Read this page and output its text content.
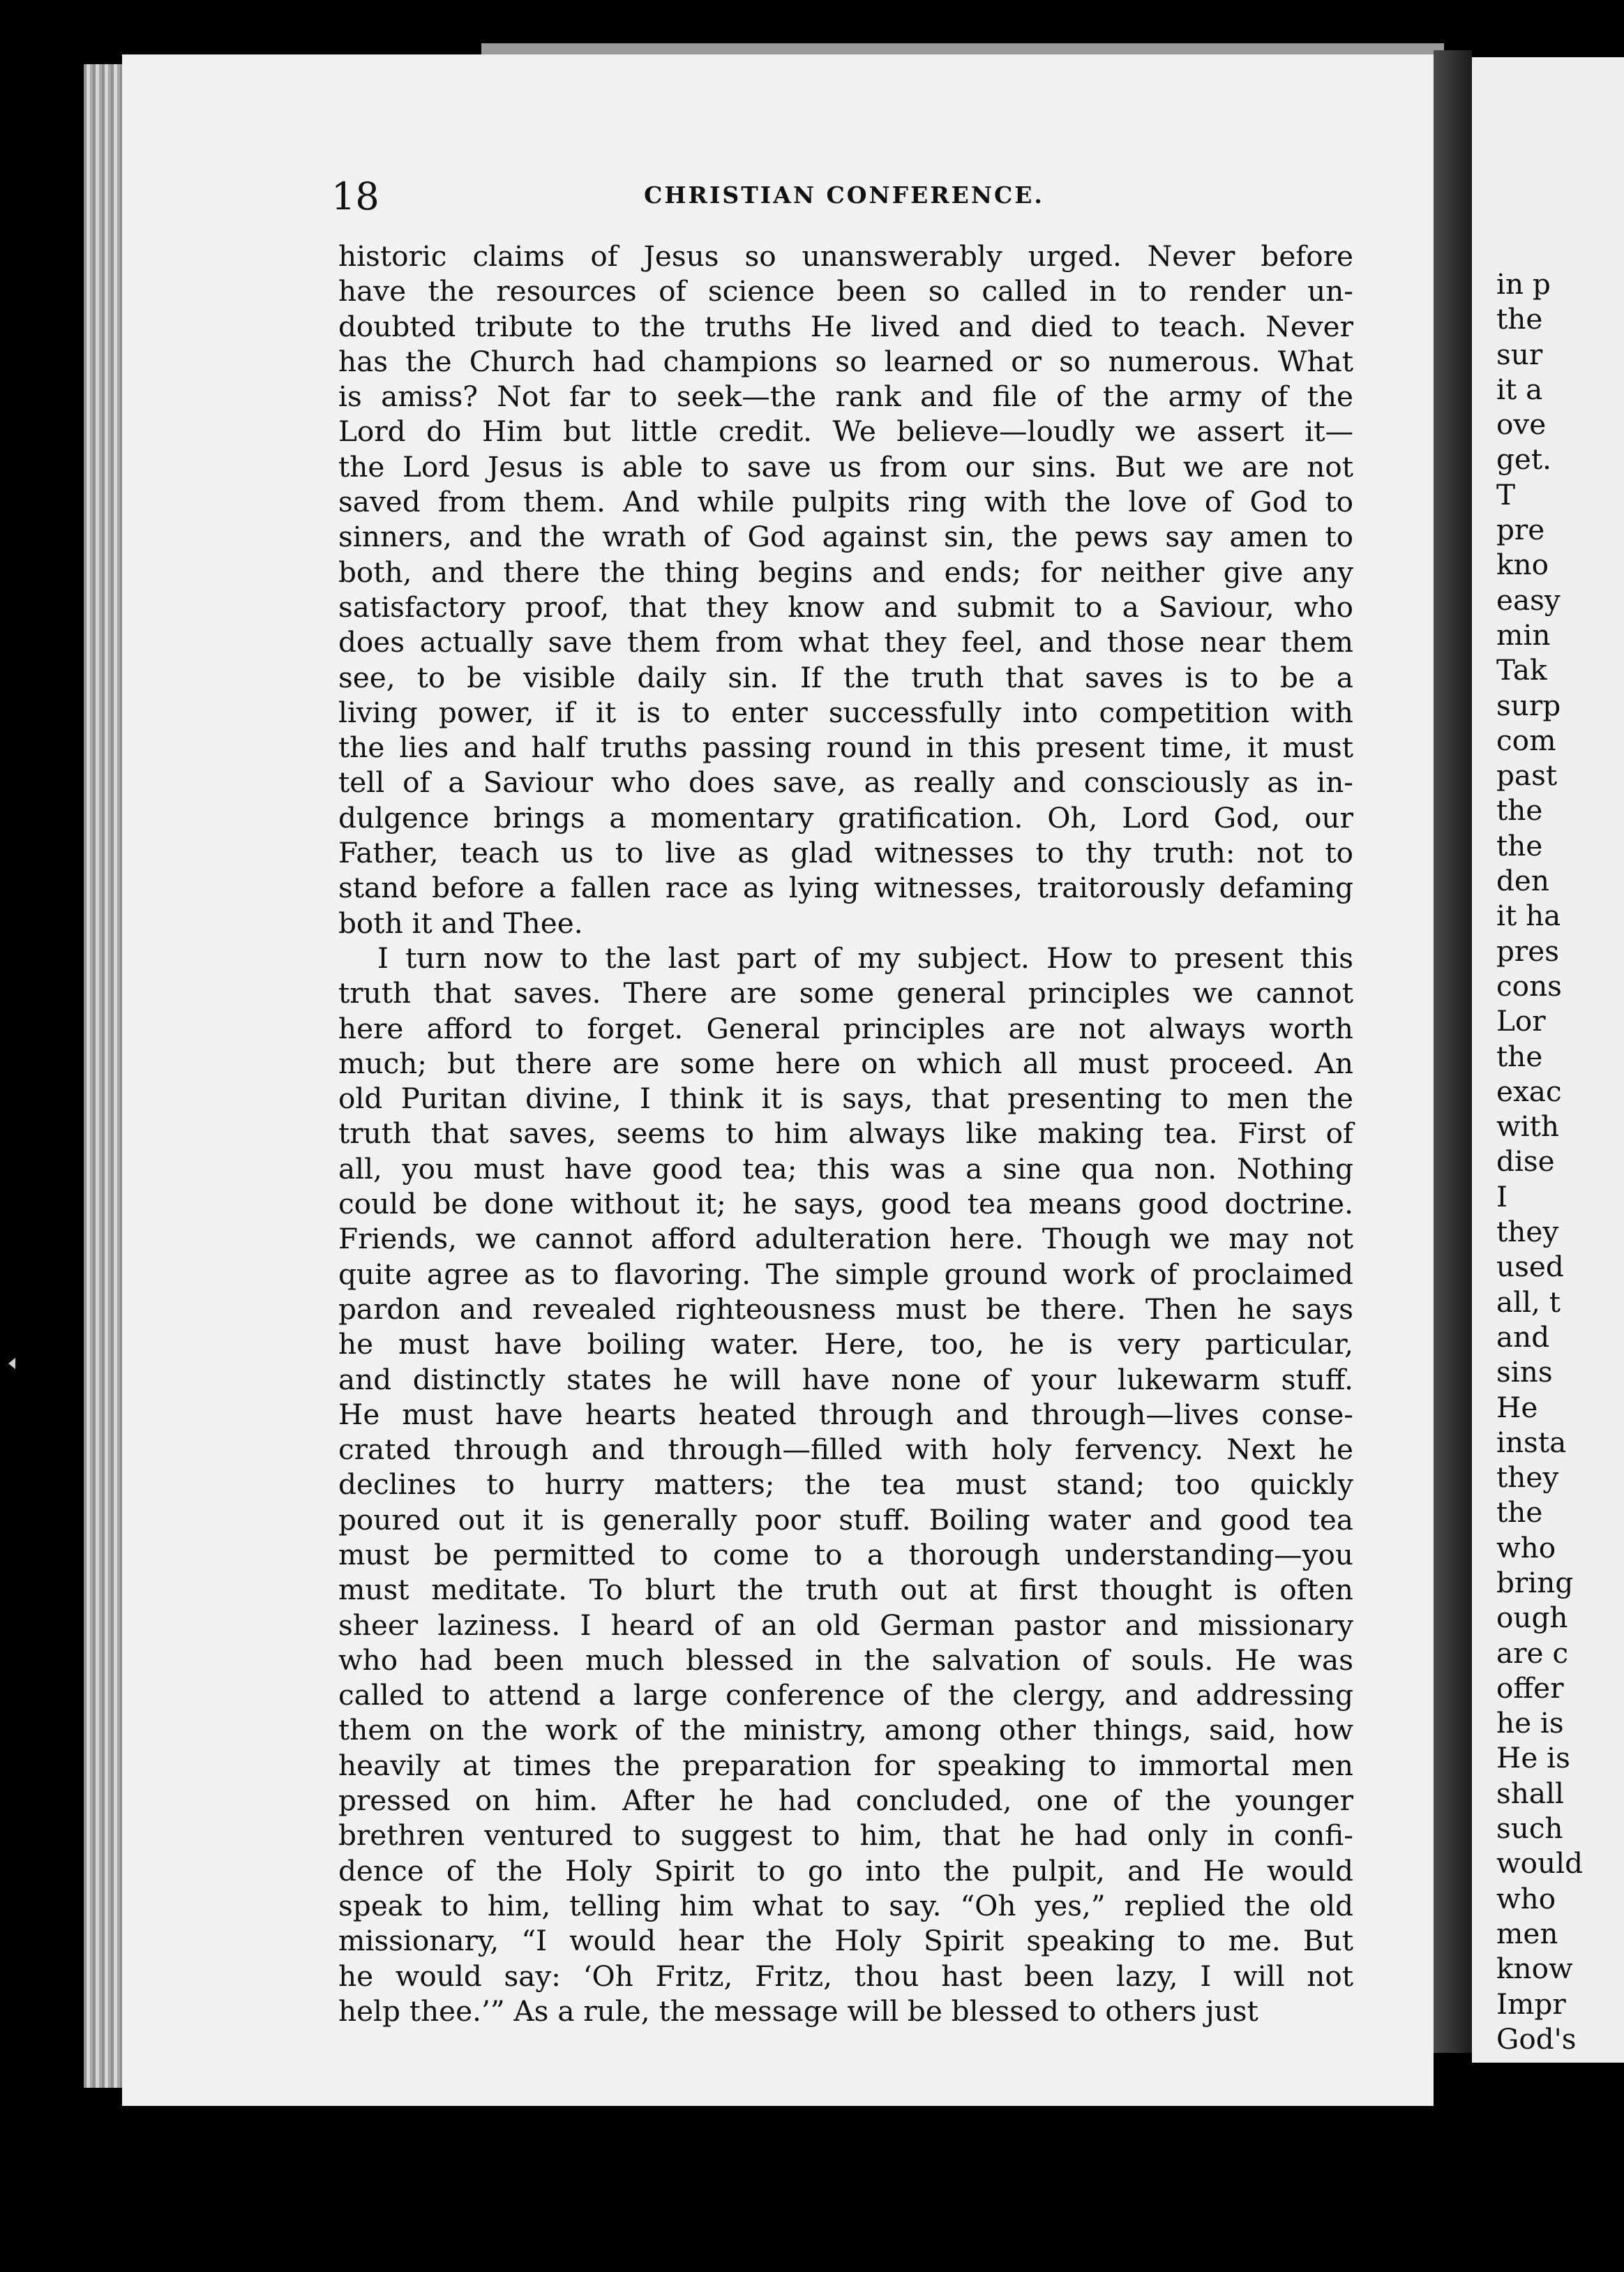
18	CHRISTIAN CONFERENCE.
historic claims of Jesus so unanswerably urged. Never before
have the resources of science been so called in to render un-
doubted tribute to the truths He lived and died to teach. Never
has the Church had champions so learned or so numerous. What
is amiss? Not far to seek—the rank and file of the army of the
Lord do Him but little credit. We believe—loudly we assert it—
the Lord Jesus is able to save us from our sins. But we are not
saved from them. And while pulpits ring with the love of God to
sinners, and the wrath of God against sin, the pews say amen to
both, and there the thing begins and ends; for neither give any
satisfactory proof, that they know and submit to a Saviour, who
does actually save them from what they feel, and those near them
see, to be visible daily sin. If the truth that saves is to be a
living power, if it is to enter successfully into competition with
the lies and half truths passing round in this present time, it must
tell of a Saviour who does save, as really and consciously as in-
dulgence brings a momentary gratification. Oh, Lord God, our
Father, teach us to live as glad witnesses to thy truth: not to
stand before a fallen race as lying witnesses, traitorously defaming
both it and Thee.
I turn now to the last part of my subject. How to present this
truth that saves. There are some general principles we cannot
here afford to forget. General principles are not always worth
much; but there are some here on which all must proceed. An
old Puritan divine, I think it is says, that presenting to men the
truth that saves, seems to him always like making tea. First of
all, you must have good tea; this was a sine qua non. Nothing
could be done without it; he says, good tea means good doctrine.
Friends, we cannot afford adulteration here. Though we may not
quite agree as to flavoring. The simple ground work of proclaimed
pardon and revealed righteousness must be there. Then he says
he must have boiling water. Here, too, he is very particular,
and distinctly states he will have none of your lukewarm stuff.
He must have hearts heated through and through—lives conse-
crated through and through—filled with holy fervency. Next he
declines to hurry matters; the tea must stand; too quickly
poured out it is generally poor stuff. Boiling water and good tea
must be permitted to come to a thorough understanding—you
must meditate. To blurt the truth out at first thought is often
sheer laziness. I heard of an old German pastor and missionary
who had been much blessed in the salvation of souls. He was
called to attend a large conference of the clergy, and addressing
them on the work of the ministry, among other things, said, how
heavily at times the preparation for speaking to immortal men
pressed on him. After he had concluded, one of the younger
brethren ventured to suggest to him, that he had only in confi-
dence of the Holy Spirit to go into the pulpit, and He would
speak to him, telling him what to say. “Oh yes,” replied the old
missionary, “I would hear the Holy Spirit speaking to me. But
he would say: ‘Oh Fritz, Fritz, thou hast been lazy, I will not
help thee.’” As a rule, the message will be blessed to others just
in p
the
sur
it a
ove
get.
T
pre
kno
easy
min
Tak
surp
com
past
the
the
den
it ha
pres
cons
Lor
the
exac
with
dise
I
they
used
all, t
and
sins
He
insta
they
the
who
bring
ough
are c
offer
he is
He is
shall
such
would
who
men
know
Impr
God's
